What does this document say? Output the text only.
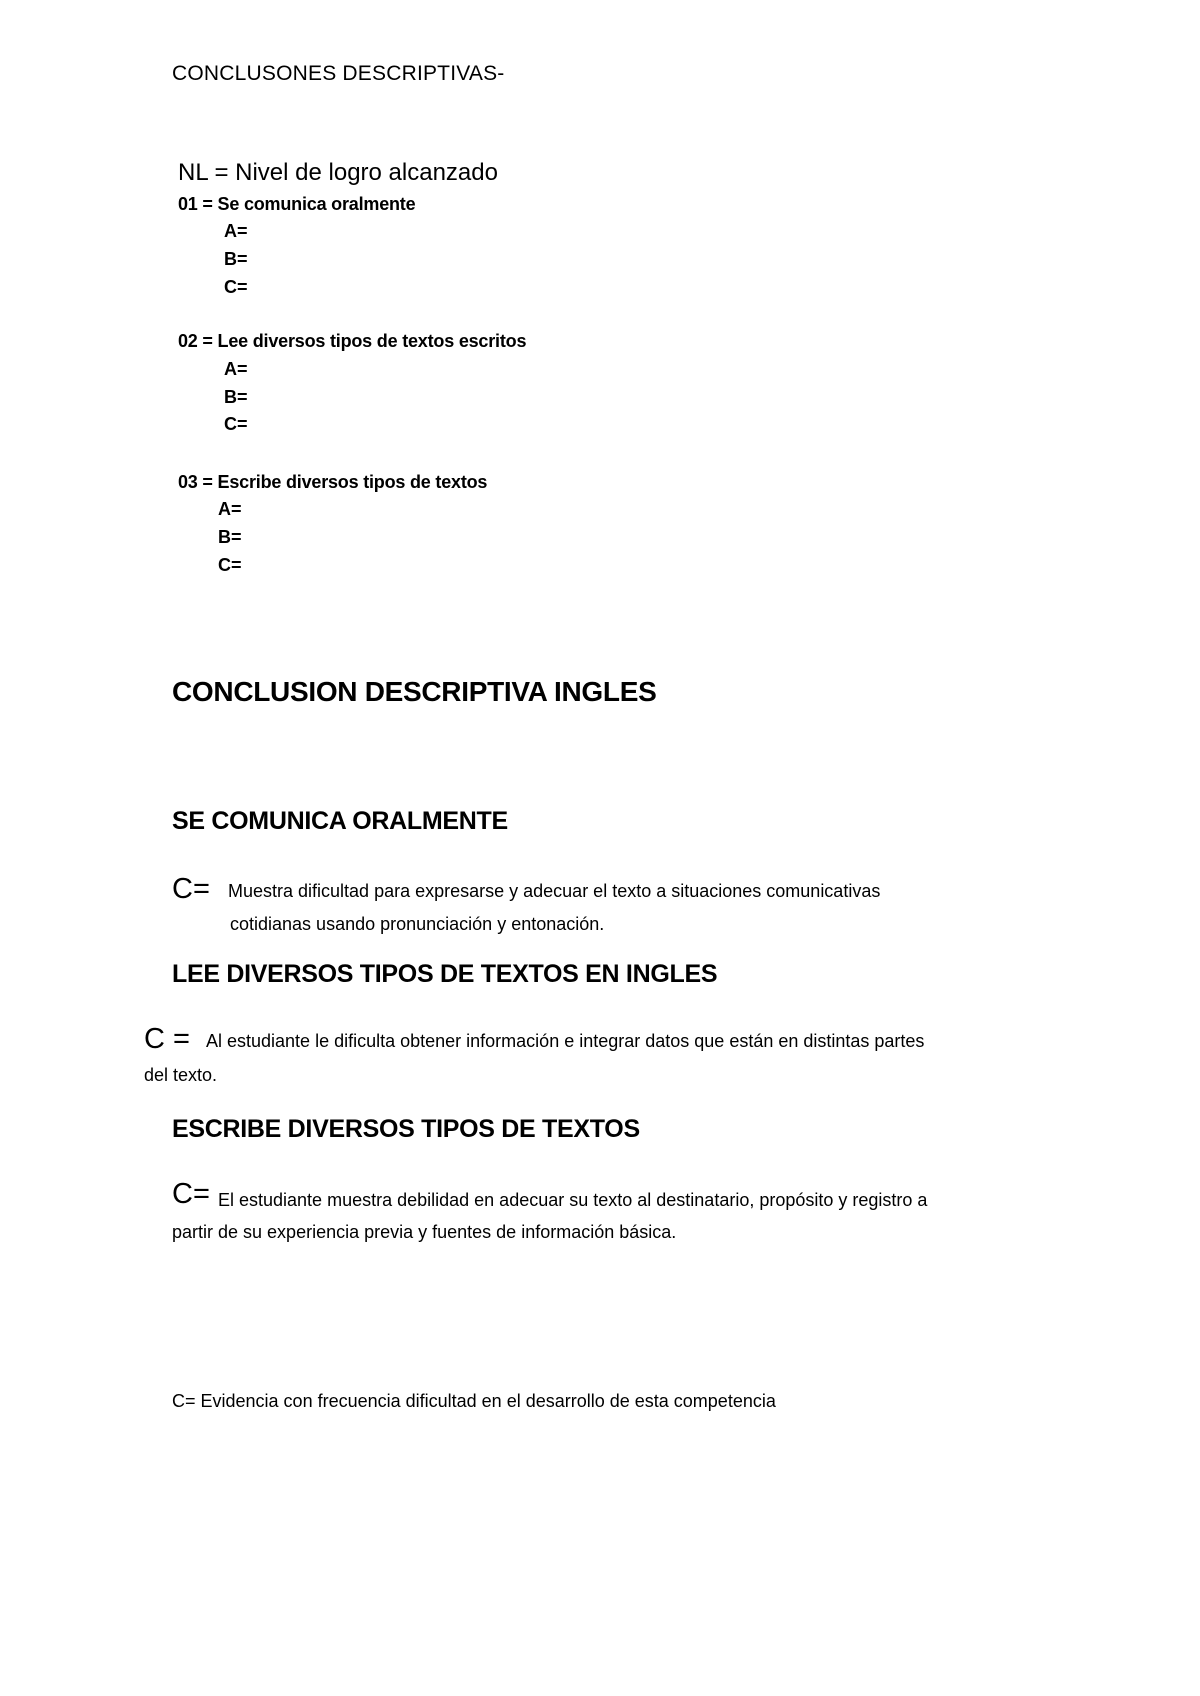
CONCLUSONES DESCRIPTIVAS-
NL = Nivel de logro alcanzado
01 = Se comunica oralmente
A=
B=
C=
02 = Lee diversos tipos de textos escritos
A=
B=
C=
03 = Escribe diversos tipos de textos
A=
B=
C=
CONCLUSION DESCRIPTIVA INGLES
SE COMUNICA ORALMENTE
C= Muestra dificultad para expresarse y adecuar el texto a situaciones comunicativas
cotidianas usando pronunciación y entonación.
LEE DIVERSOS TIPOS DE TEXTOS EN INGLES
C = Al estudiante le dificulta obtener información e integrar datos que están en distintas partes
del texto.
ESCRIBE DIVERSOS TIPOS DE TEXTOS
C= El estudiante muestra debilidad en adecuar su texto al destinatario, propósito y registro a
partir de su experiencia previa y fuentes de información básica.
C= Evidencia con frecuencia dificultad en el desarrollo de esta competencia
